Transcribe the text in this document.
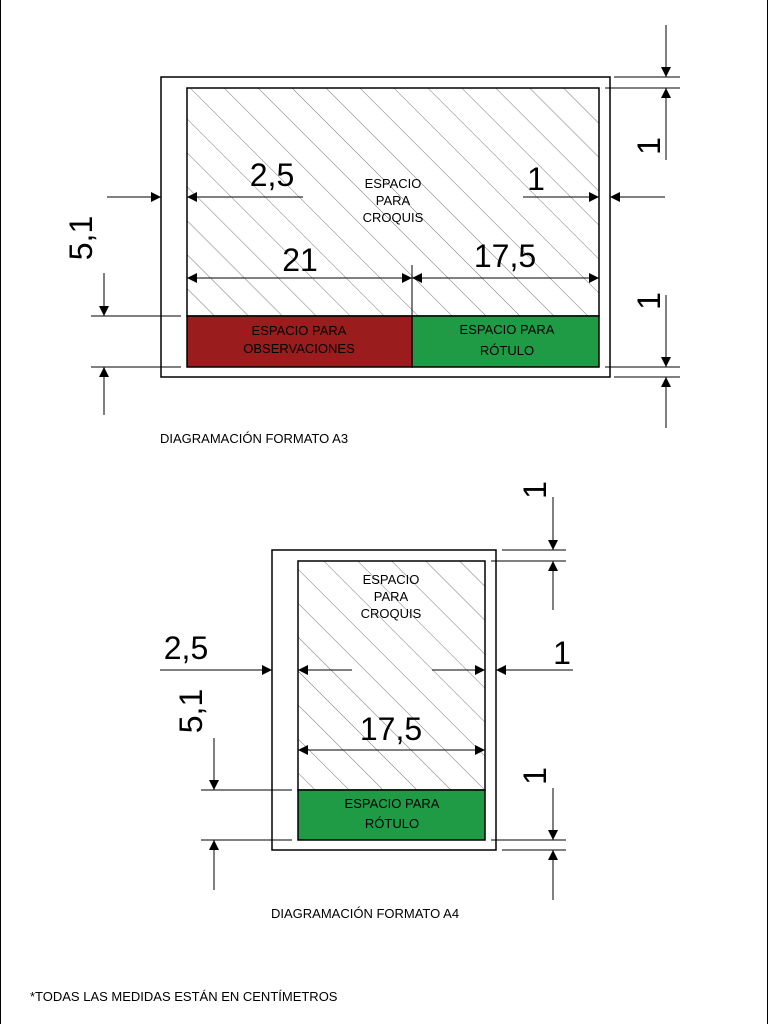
ESPACIO
PARA
CROQUIS
ESPACIO PARA
OBSERVACIONES
ESPACIO PARA
RÓTULO
2,5	1
21	17,5
5,1
1
1
DIAGRAMACIÓN FORMATO A3
ESPACIO
PARA
CROQUIS
ESPACIO PARA
RÓTULO
2,5	1
17,5
5,1
1
1
DIAGRAMACIÓN FORMATO A4
*TODAS LAS MEDIDAS ESTÁN EN CENTÍMETROS
